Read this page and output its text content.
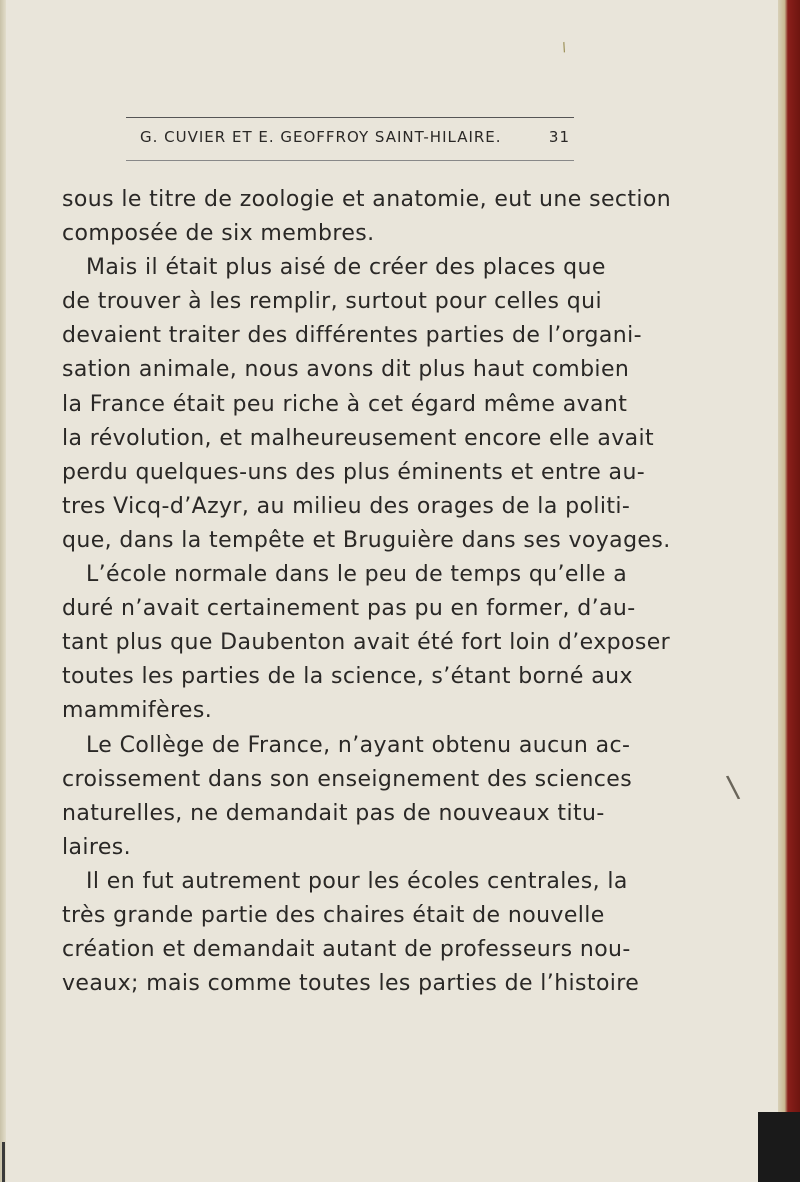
/
G. CUVIER ET E. GEOFFROY SAINT-HILAIRE.	31
sous le titre de zoologie et anatomie, eut une section
composée de six membres.
Mais il était plus aisé de créer des places que
de trouver à les remplir, surtout pour celles qui
devaient traiter des différentes parties de l’organi-
sation animale, nous avons dit plus haut combien
la France était peu riche à cet égard même avant
la révolution, et malheureusement encore elle avait
perdu quelques-uns des plus éminents et entre au-
tres Vicq-d’Azyr, au milieu des orages de la politi-
que, dans la tempête et Bruguière dans ses voyages.
L’école normale dans le peu de temps qu’elle a
duré n’avait certainement pas pu en former, d’au-
tant plus que Daubenton avait été fort loin d’exposer
toutes les parties de la science, s’étant borné aux
mammifères.
Le Collège de France, n’ayant obtenu aucun ac-
croissement dans son enseignement des sciences
naturelles, ne demandait pas de nouveaux titu-
laires.
Il en fut autrement pour les écoles centrales, la
très grande partie des chaires était de nouvelle
création et demandait autant de professeurs nou-
veaux; mais comme toutes les parties de l’histoire
\
